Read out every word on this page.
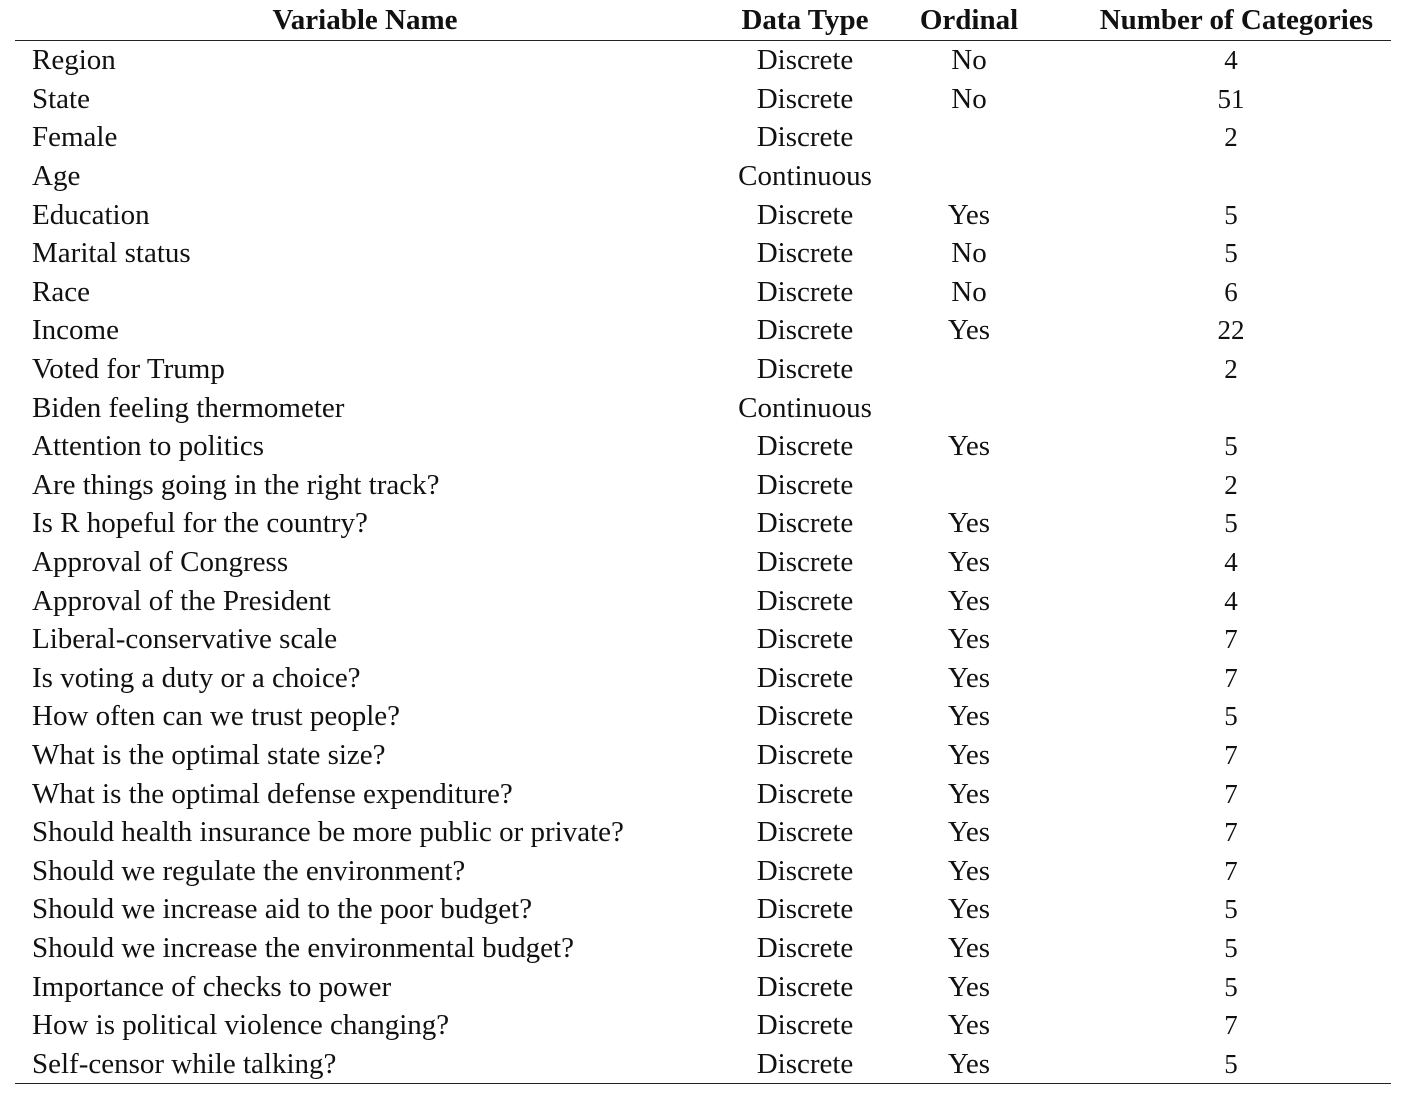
Variable Name	Data Type	Ordinal	Number of Categories
Region	Discrete	No	4
State	Discrete	No	51
Female	Discrete		2
Age	Continuous		
Education	Discrete	Yes	5
Marital status	Discrete	No	5
Race	Discrete	No	6
Income	Discrete	Yes	22
Voted for Trump	Discrete		2
Biden feeling thermometer	Continuous		
Attention to politics	Discrete	Yes	5
Are things going in the right track?	Discrete		2
Is R hopeful for the country?	Discrete	Yes	5
Approval of Congress	Discrete	Yes	4
Approval of the President	Discrete	Yes	4
Liberal-conservative scale	Discrete	Yes	7
Is voting a duty or a choice?	Discrete	Yes	7
How often can we trust people?	Discrete	Yes	5
What is the optimal state size?	Discrete	Yes	7
What is the optimal defense expenditure?	Discrete	Yes	7
Should health insurance be more public or private?	Discrete	Yes	7
Should we regulate the environment?	Discrete	Yes	7
Should we increase aid to the poor budget?	Discrete	Yes	5
Should we increase the environmental budget?	Discrete	Yes	5
Importance of checks to power	Discrete	Yes	5
How is political violence changing?	Discrete	Yes	7
Self-censor while talking?	Discrete	Yes	5
